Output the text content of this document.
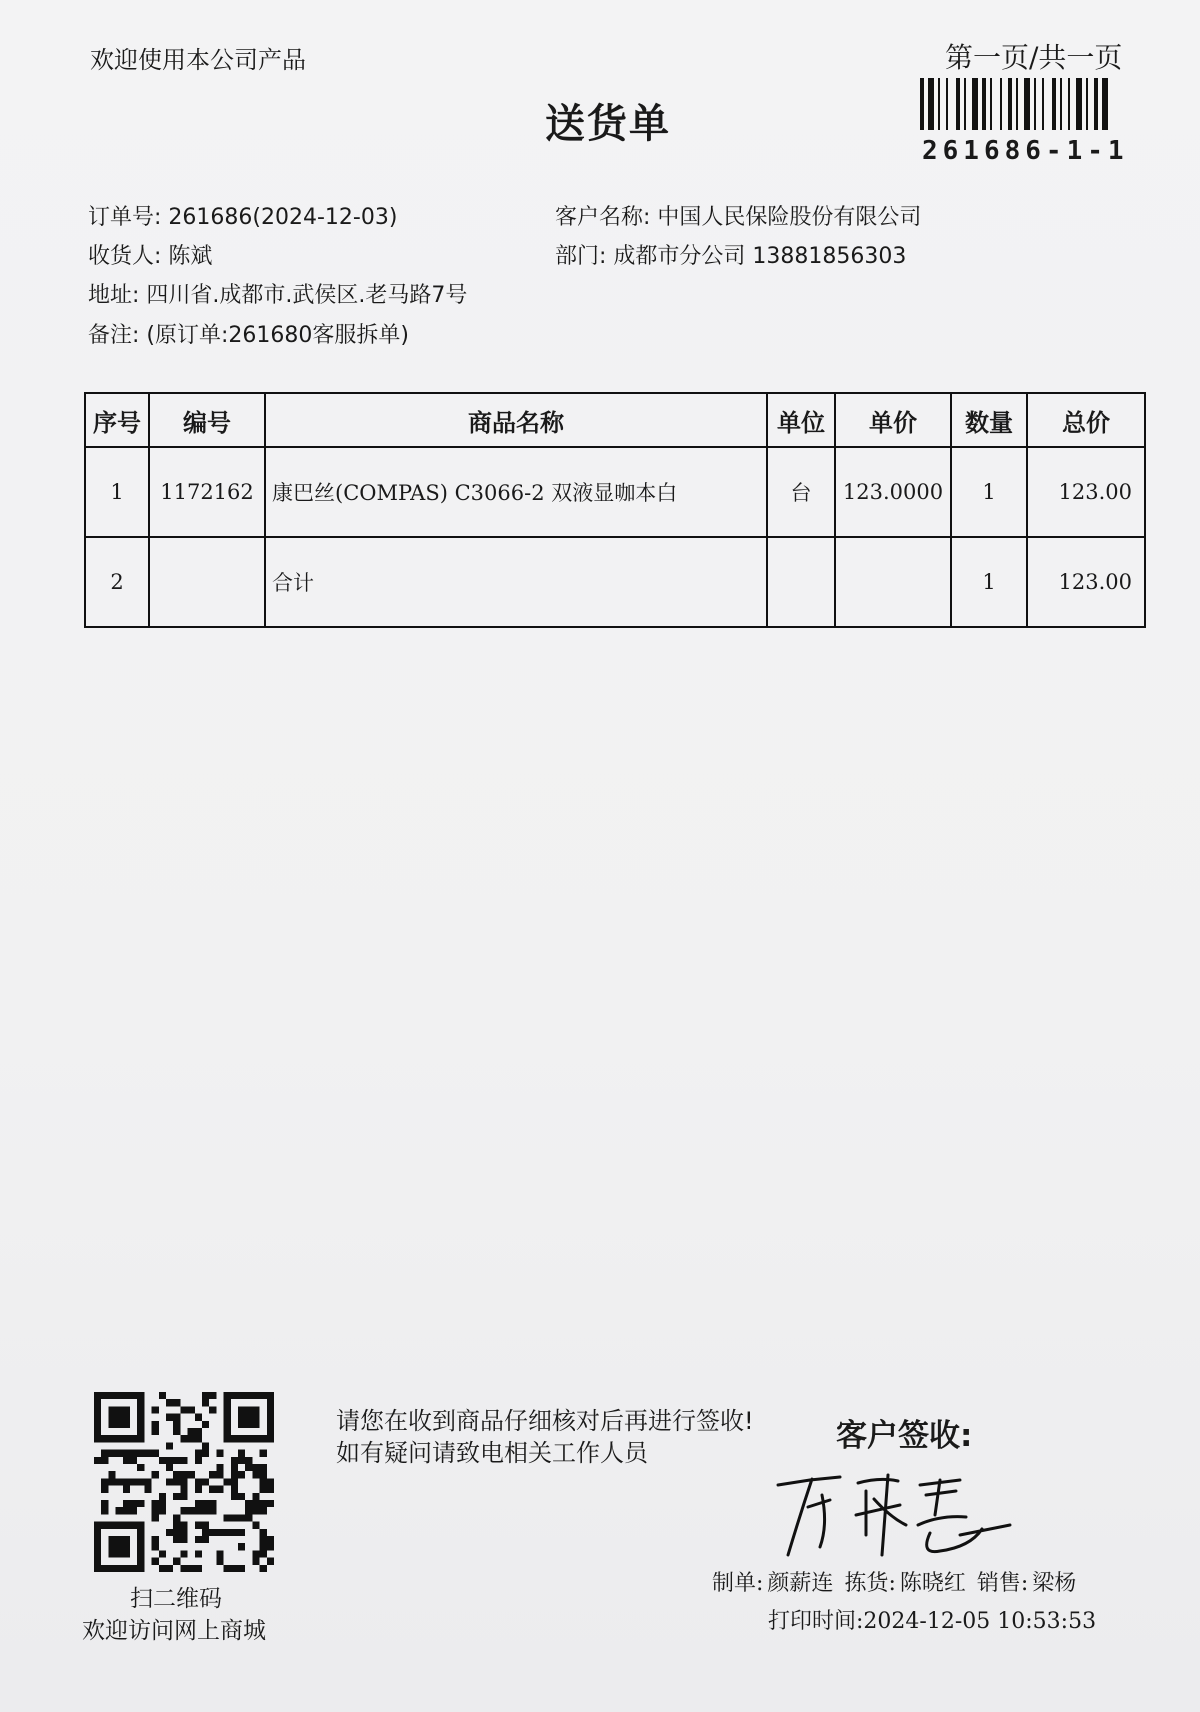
欢迎使用本公司产品	第一页/共一页
送货单
261686-1-1
订单号: 261686(2024-12-03)
收货人: 陈斌
地址: 四川省.成都市.武侯区.老马路7号
备注: (原订单:261680客服拆单)
客户名称: 中国人民保险股份有限公司
部门: 成都市分公司 13881856303
序号	编号	商品名称	单位	单价	数量	总价
1	1172162	康巴丝(COMPAS) C3066-2 双液显咖本白	台	123.0000	1	123.00
2		合计			1	123.00
扫二维码
欢迎访问网上商城
请您在收到商品仔细核对后再进行签收!如有疑问请致电相关工作人员	客户签收:
制单: 颜薪连 拣货: 陈晓红 销售: 梁杨
打印时间:2024-12-05 10:53:53
